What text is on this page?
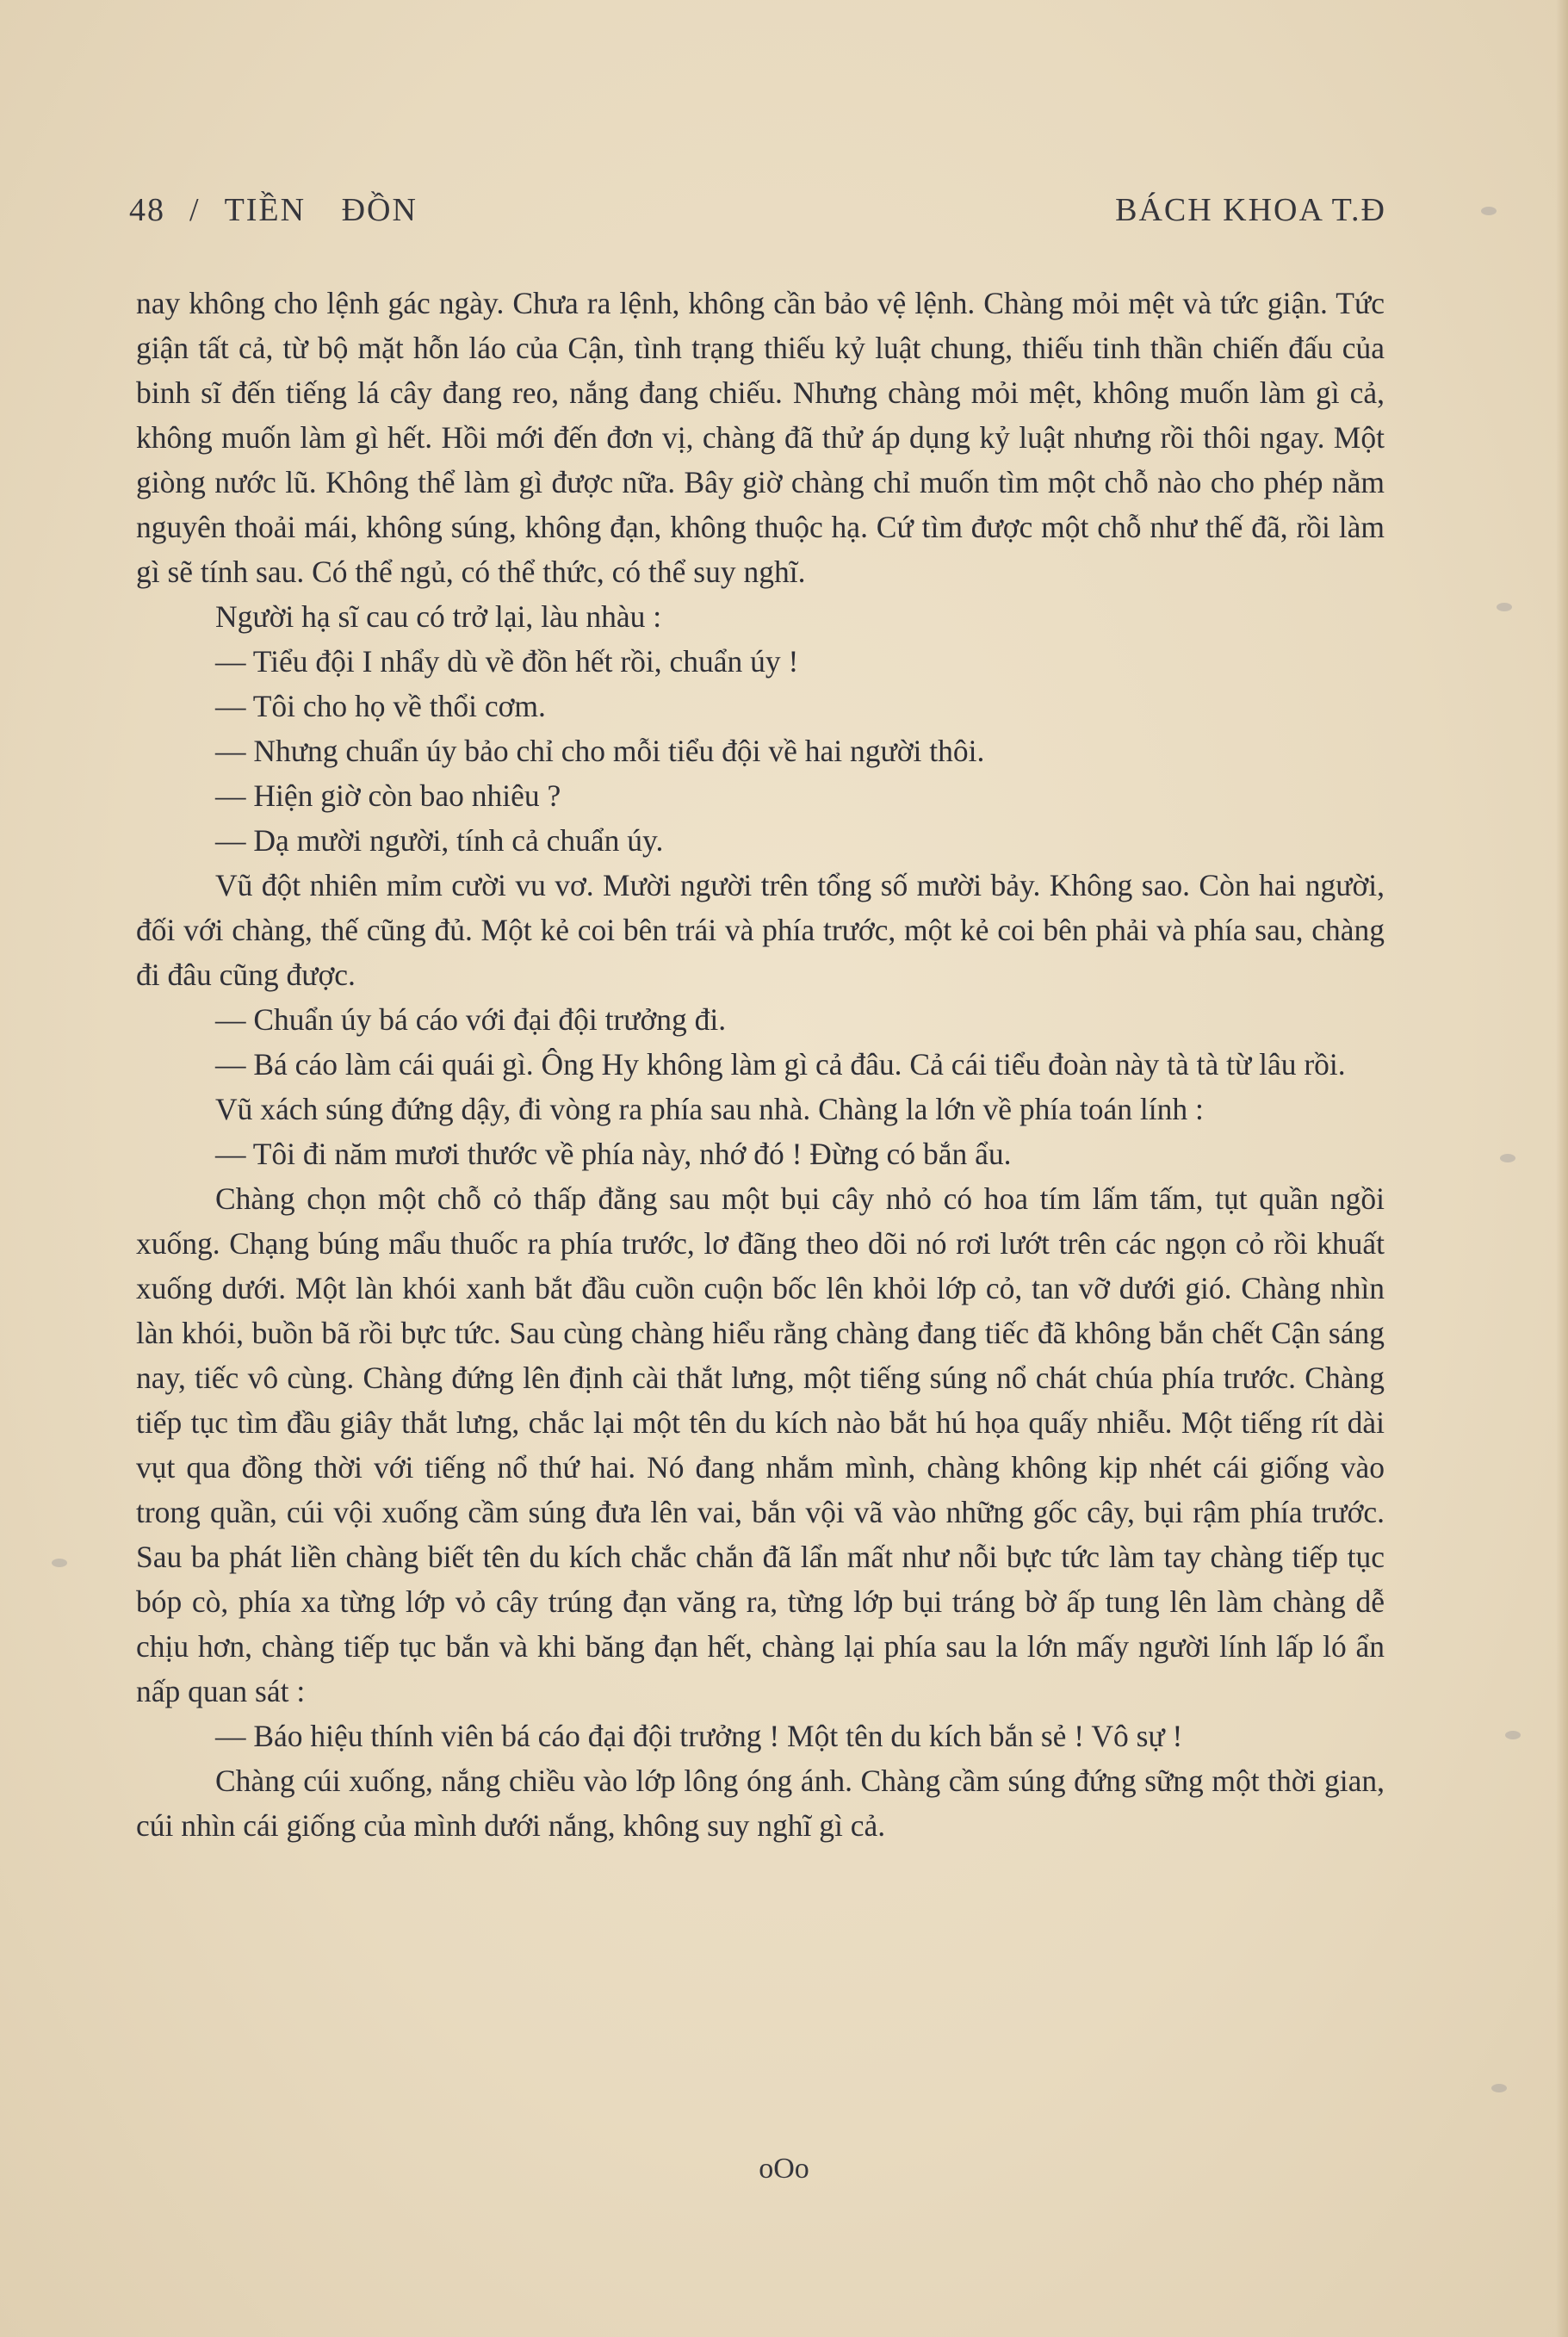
48 / TIỀN ĐỒN	BÁCH KHOA T.Đ

nay không cho lệnh gác ngày. Chưa ra lệnh, không cần bảo vệ lệnh. Chàng mỏi mệt và tức giận. Tức giận tất cả, từ bộ mặt hỗn láo của Cận, tình trạng thiếu kỷ luật chung, thiếu tinh thần chiến đấu của binh sĩ đến tiếng lá cây đang reo, nắng đang chiếu. Nhưng chàng mỏi mệt, không muốn làm gì cả, không muốn làm gì hết. Hồi mới đến đơn vị, chàng đã thử áp dụng kỷ luật nhưng rồi thôi ngay. Một giòng nước lũ. Không thể làm gì được nữa. Bây giờ chàng chỉ muốn tìm một chỗ nào cho phép nằm nguyên thoải mái, không súng, không đạn, không thuộc hạ. Cứ tìm được một chỗ như thế đã, rồi làm gì sẽ tính sau. Có thể ngủ, có thể thức, có thể suy nghĩ.

Người hạ sĩ cau có trở lại, làu nhàu :

— Tiểu đội I nhẩy dù về đồn hết rồi, chuẩn úy !

— Tôi cho họ về thổi cơm.

— Nhưng chuẩn úy bảo chỉ cho mỗi tiểu đội về hai người thôi.

— Hiện giờ còn bao nhiêu ?

— Dạ mười người, tính cả chuẩn úy.

Vũ đột nhiên mỉm cười vu vơ. Mười người trên tổng số mười bảy. Không sao. Còn hai người, đối với chàng, thế cũng đủ. Một kẻ coi bên trái và phía trước, một kẻ coi bên phải và phía sau, chàng đi đâu cũng được.

— Chuẩn úy bá cáo với đại đội trưởng đi.

— Bá cáo làm cái quái gì. Ông Hy không làm gì cả đâu. Cả cái tiểu đoàn này tà tà từ lâu rồi.

Vũ xách súng đứng dậy, đi vòng ra phía sau nhà. Chàng la lớn về phía toán lính :

— Tôi đi năm mươi thước về phía này, nhớ đó ! Đừng có bắn ẩu.

Chàng chọn một chỗ cỏ thấp đằng sau một bụi cây nhỏ có hoa tím lấm tấm, tụt quần ngồi xuống. Chạng búng mẩu thuốc ra phía trước, lơ đãng theo dõi nó rơi lướt trên các ngọn cỏ rồi khuất xuống dưới. Một làn khói xanh bắt đầu cuồn cuộn bốc lên khỏi lớp cỏ, tan vỡ dưới gió. Chàng nhìn làn khói, buồn bã rồi bực tức. Sau cùng chàng hiểu rằng chàng đang tiếc đã không bắn chết Cận sáng nay, tiếc vô cùng. Chàng đứng lên định cài thắt lưng, một tiếng súng nổ chát chúa phía trước. Chàng tiếp tục tìm đầu giây thắt lưng, chắc lại một tên du kích nào bắt hú họa quấy nhiễu. Một tiếng rít dài vụt qua đồng thời với tiếng nổ thứ hai. Nó đang nhắm mình, chàng không kịp nhét cái giống vào trong quần, cúi vội xuống cầm súng đưa lên vai, bắn vội vã vào những gốc cây, bụi rậm phía trước. Sau ba phát liền chàng biết tên du kích chắc chắn đã lẩn mất như nỗi bực tức làm tay chàng tiếp tục bóp cò, phía xa từng lớp vỏ cây trúng đạn văng ra, từng lớp bụi tráng bờ ấp tung lên làm chàng dễ chịu hơn, chàng tiếp tục bắn và khi băng đạn hết, chàng lại phía sau la lớn mấy người lính lấp ló ẩn nấp quan sát :

— Báo hiệu thính viên bá cáo đại đội trưởng ! Một tên du kích bắn sẻ ! Vô sự !

Chàng cúi xuống, nắng chiều vào lớp lông óng ánh. Chàng cầm súng đứng sững một thời gian, cúi nhìn cái giống của mình dưới nắng, không suy nghĩ gì cả.

oOo
